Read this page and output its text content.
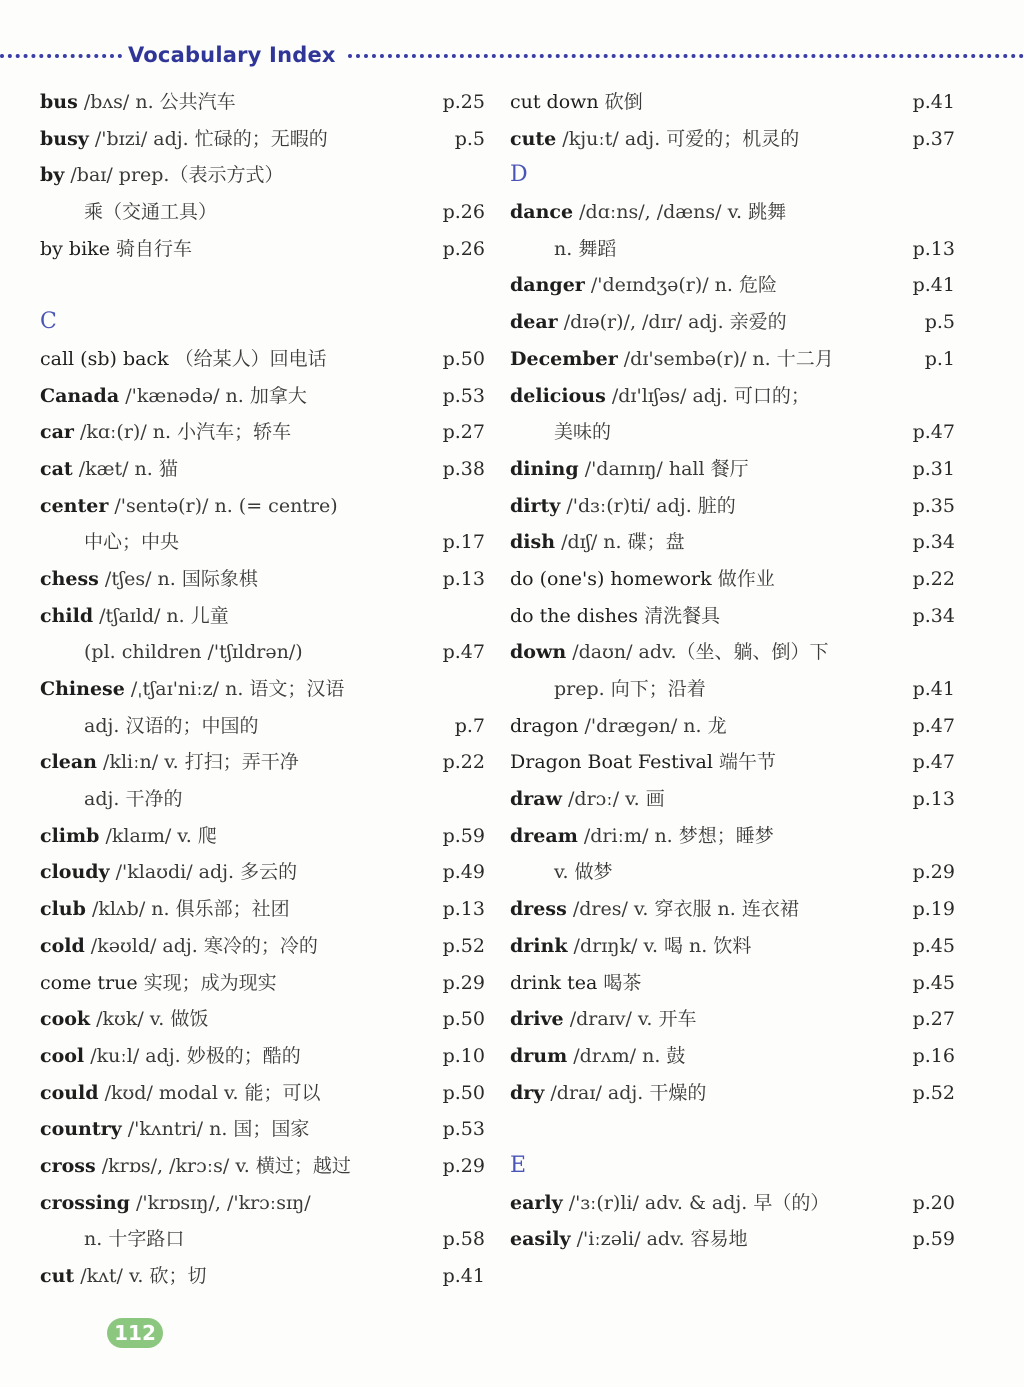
Vocabulary Index
bus /bʌs/ n. 公共汽车	p.25
busy /'bɪzi/ adj. 忙碌的；无暇的	p.5
by /baɪ/ prep.（表示方式）
乘（交通工具）	p.26
by bike 骑自行车	p.26
C
call (sb) back （给某人）回电话	p.50
Canada /'kænədə/ n. 加拿大	p.53
car /kɑː(r)/ n. 小汽车；轿车	p.27
cat /kæt/ n. 猫	p.38
center /'sentə(r)/ n. (= centre)
中心；中央	p.17
chess /tʃes/ n. 国际象棋	p.13
child /tʃaɪld/ n. 儿童
(pl. children /'tʃɪldrən/)	p.47
Chinese /ˌtʃaɪ'niːz/ n. 语文；汉语
adj. 汉语的；中国的	p.7
clean /kliːn/ v. 打扫；弄干净	p.22
adj. 干净的
climb /klaɪm/ v. 爬	p.59
cloudy /'klaʊdi/ adj. 多云的	p.49
club /klʌb/ n. 俱乐部；社团	p.13
cold /kəʊld/ adj. 寒冷的；冷的	p.52
come true 实现；成为现实	p.29
cook /kʊk/ v. 做饭	p.50
cool /kuːl/ adj. 妙极的；酷的	p.10
could /kʊd/ modal v. 能；可以	p.50
country /'kʌntri/ n. 国；国家	p.53
cross /krɒs/, /krɔːs/ v. 横过；越过	p.29
crossing /'krɒsɪŋ/, /'krɔːsɪŋ/
n. 十字路口	p.58
cut /kʌt/ v. 砍；切	p.41
cut down 砍倒	p.41
cute /kjuːt/ adj. 可爱的；机灵的	p.37
D
dance /dɑːns/, /dæns/ v. 跳舞
n. 舞蹈	p.13
danger /'deɪndʒə(r)/ n. 危险	p.41
dear /dɪə(r)/, /dɪr/ adj. 亲爱的	p.5
December /dɪ'sembə(r)/ n. 十二月	p.1
delicious /dɪ'lɪʃəs/ adj. 可口的；
美味的	p.47
dining /'daɪnɪŋ/ hall 餐厅	p.31
dirty /'dɜː(r)ti/ adj. 脏的	p.35
dish /dɪʃ/ n. 碟；盘	p.34
do (one's) homework 做作业	p.22
do the dishes 清洗餐具	p.34
down /daʊn/ adv.（坐、躺、倒）下
prep. 向下；沿着	p.41
dragon /'drægən/ n. 龙	p.47
Dragon Boat Festival 端午节	p.47
draw /drɔː/ v. 画	p.13
dream /driːm/ n. 梦想；睡梦
v. 做梦	p.29
dress /dres/ v. 穿衣服 n. 连衣裙	p.19
drink /drɪŋk/ v. 喝 n. 饮料	p.45
drink tea 喝茶	p.45
drive /draɪv/ v. 开车	p.27
drum /drʌm/ n. 鼓	p.16
dry /draɪ/ adj. 干燥的	p.52
E
early /'ɜː(r)li/ adv. & adj. 早（的）	p.20
easily /'iːzəli/ adv. 容易地	p.59
112
